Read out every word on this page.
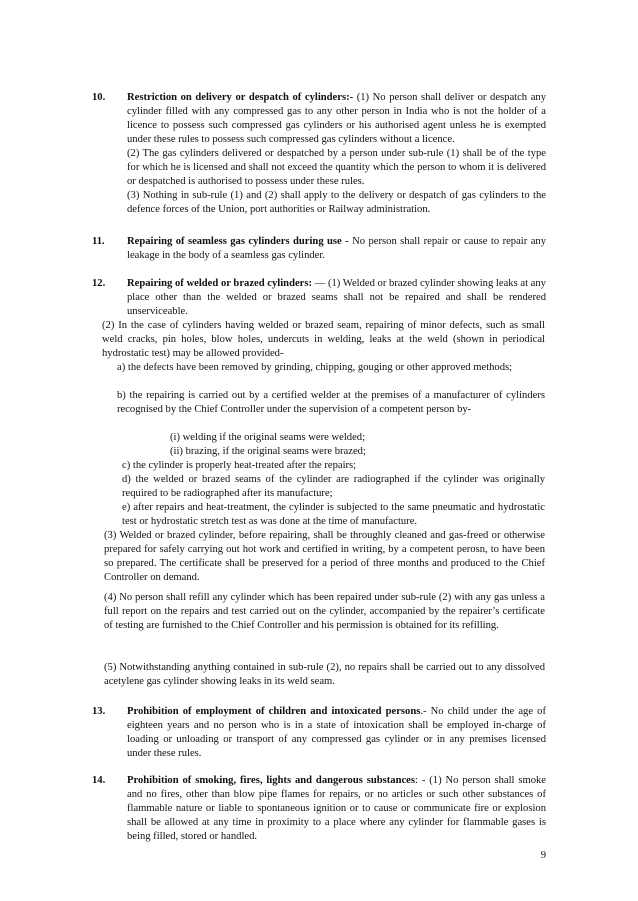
10. Restriction on delivery or despatch of cylinders:- (1) No person shall deliver or despatch any cylinder filled with any compressed gas to any other person in India who is not the holder of a licence to possess such compressed gas cylinders or his authorised agent unless he is exempted under these rules to possess such compressed gas cylinders without a licence.

(2) The gas cylinders delivered or despatched by a person under sub-rule (1) shall be of the type for which he is licensed and shall not exceed the quantity which the person to whom it is delivered or despatched is authorised to possess under these rules.

(3) Nothing in sub-rule (1) and (2) shall apply to the delivery or despatch of gas cylinders to the defence forces of the Union, port authorities or Railway administration.

11. Repairing of seamless gas cylinders during use - No person shall repair or cause to repair any leakage in the body of a seamless gas cylinder.

12. Repairing of welded or brazed cylinders: — (1) Welded or brazed cylinder showing leaks at any place other than the welded or brazed seams shall not be repaired and shall be rendered unserviceable.

(2) In the case of cylinders having welded or brazed seam, repairing of minor defects, such as small weld cracks, pin holes, blow holes, undercuts in welding, leaks at the weld (shown in periodical hydrostatic test) may be allowed provided-
a) the defects have been removed by grinding, chipping, gouging or other approved methods;
b) the repairing is carried out by a certified welder at the premises of a manufacturer of cylinders recognised by the Chief Controller under the supervision of a competent person by-
(i) welding if the original seams were welded;
(ii) brazing, if the original seams were brazed;
c) the cylinder is properly heat-treated after the repairs;
d) the welded or brazed seams of the cylinder are radiographed if the cylinder was originally required to be radiographed after its manufacture;
e) after repairs and heat-treatment, the cylinder is subjected to the same pneumatic and hydrostatic test or hydrostatic stretch test as was done at the time of manufacture.
(3) Welded or brazed cylinder, before repairing, shall be throughly cleaned and gas-freed or otherwise prepared for safely carrying out hot work and certified in writing, by a competent perosn, to have been so prepared. The certificate shall be preserved for a period of three months and produced to the Chief Controller on demand.
(4) No person shall refill any cylinder which has been repaired under sub-rule (2) with any gas unless a full report on the repairs and test carried out on the cylinder, accompanied by the repairer’s certificate of testing are furnished to the Chief Controller and his permission is obtained for its refilling.
(5) Notwithstanding anything contained in sub-rule (2), no repairs shall be carried out to any dissolved acetylene gas cylinder showing leaks in its weld seam.
13. Prohibition of employment of children and intoxicated persons.- No child under the age of eighteen years and no person who is in a state of intoxication shall be employed in-charge of loading or unloading or transport of any compressed gas cylinder or in any premises licensed under these rules.

14. Prohibition of smoking, fires, lights and dangerous substances: - (1) No person shall smoke and no fires, other than blow pipe flames for repairs, or no articles or such other substances of flammable nature or liable to spontaneous ignition or to cause or communicate fire or explosion shall be allowed at any time in proximity to a place where any cylinder for flammable gases is being filled, stored or handled.

9
